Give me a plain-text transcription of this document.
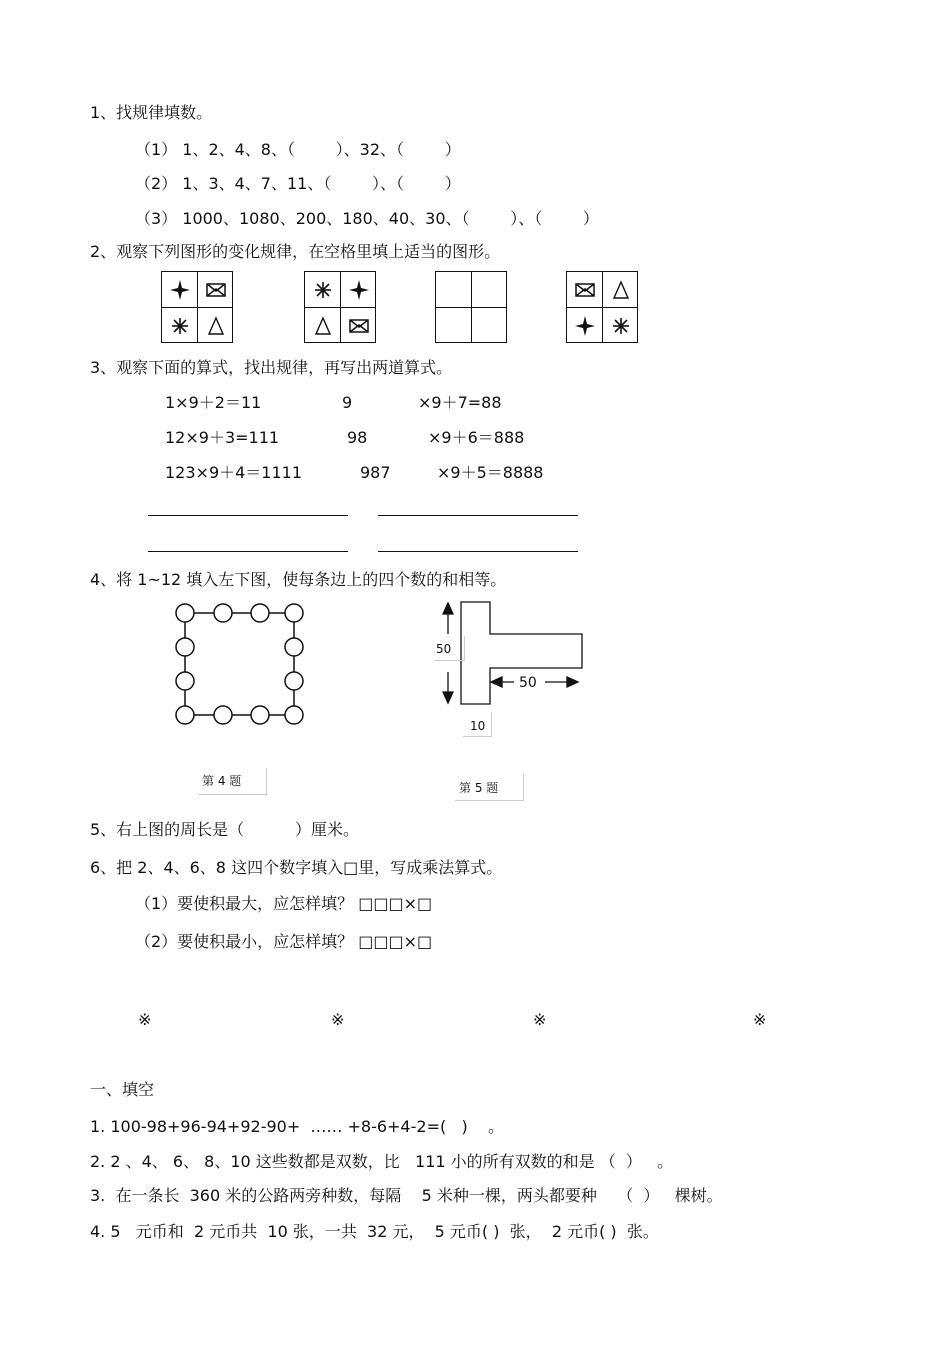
1、找规律填数。
（1） 1、2、4、8、（        ）、32、（        ）
（2） 1、3、4、7、11、（        ）、（        ）
（3） 1000、1080、200、180、40、30、（        ）、（        ）
2、观察下列图形的变化规律，在空格里填上适当的图形。
3、观察下面的算式，找出规律，再写出两道算式。
1×9＋2＝11	9	×9＋7=88
12×9＋3=111	98	×9＋6＝888
123×9＋4＝1111	987	×9＋5＝8888
4、将 1~12 填入左下图，使每条边上的四个数的和相等。
50
50
10
第 4 题	第 5 题
5、右上图的周长是（          ）厘米。
6、把 2、4、6、8 这四个数字填入□里，写成乘法算式。
（1）要使积最大，应怎样填？ □□□×□
（2）要使积最小，应怎样填？ □□□×□
※	※	※	※
一、填空
1. 100-98+96-94+92-90+  …… +8-6+4-2=(   )    。
2. 2 、4、 6、 8、10 这些数都是双数，比   111 小的所有双数的和是 （  ）   。
3.  在一条长  360 米的公路两旁种数，每隔    5 米种一棵，两头都要种    （  ）   棵树。
4. 5   元币和  2 元币共  10 张，一共  32 元，  5 元币( )  张，  2 元币( )  张。
